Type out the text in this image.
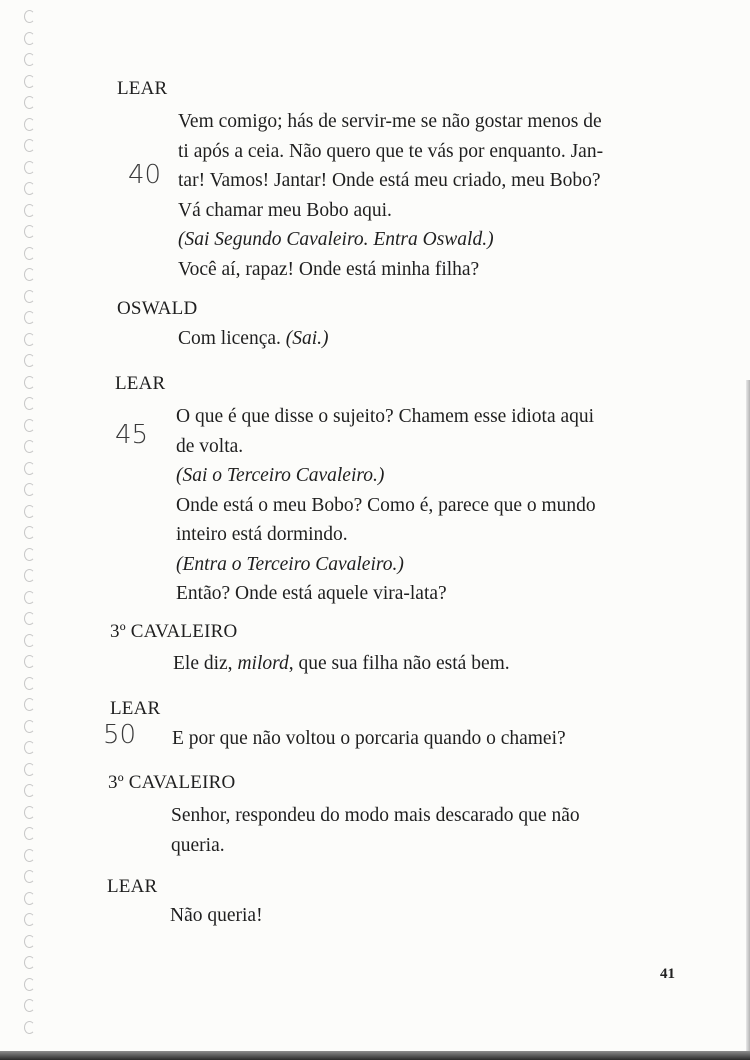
LEAR
Vem comigo; hás de servir-me se não gostar menos de
ti após a ceia. Não quero que te vás por enquanto. Jan-
tar! Vamos! Jantar! Onde está meu criado, meu Bobo?
Vá chamar meu Bobo aqui.
(Sai Segundo Cavaleiro. Entra Oswald.)
Você aí, rapaz! Onde está minha filha?
40
OSWALD
Com licença. (Sai.)
LEAR
O que é que disse o sujeito? Chamem esse idiota aqui
de volta.
(Sai o Terceiro Cavaleiro.)
Onde está o meu Bobo? Como é, parece que o mundo
inteiro está dormindo.
(Entra o Terceiro Cavaleiro.)
Então? Onde está aquele vira-lata?
45
3º CAVALEIRO
Ele diz, milord, que sua filha não está bem.
LEAR
E por que não voltou o porcaria quando o chamei?
50
3º CAVALEIRO
Senhor, respondeu do modo mais descarado que não
queria.
LEAR
Não queria!
41
